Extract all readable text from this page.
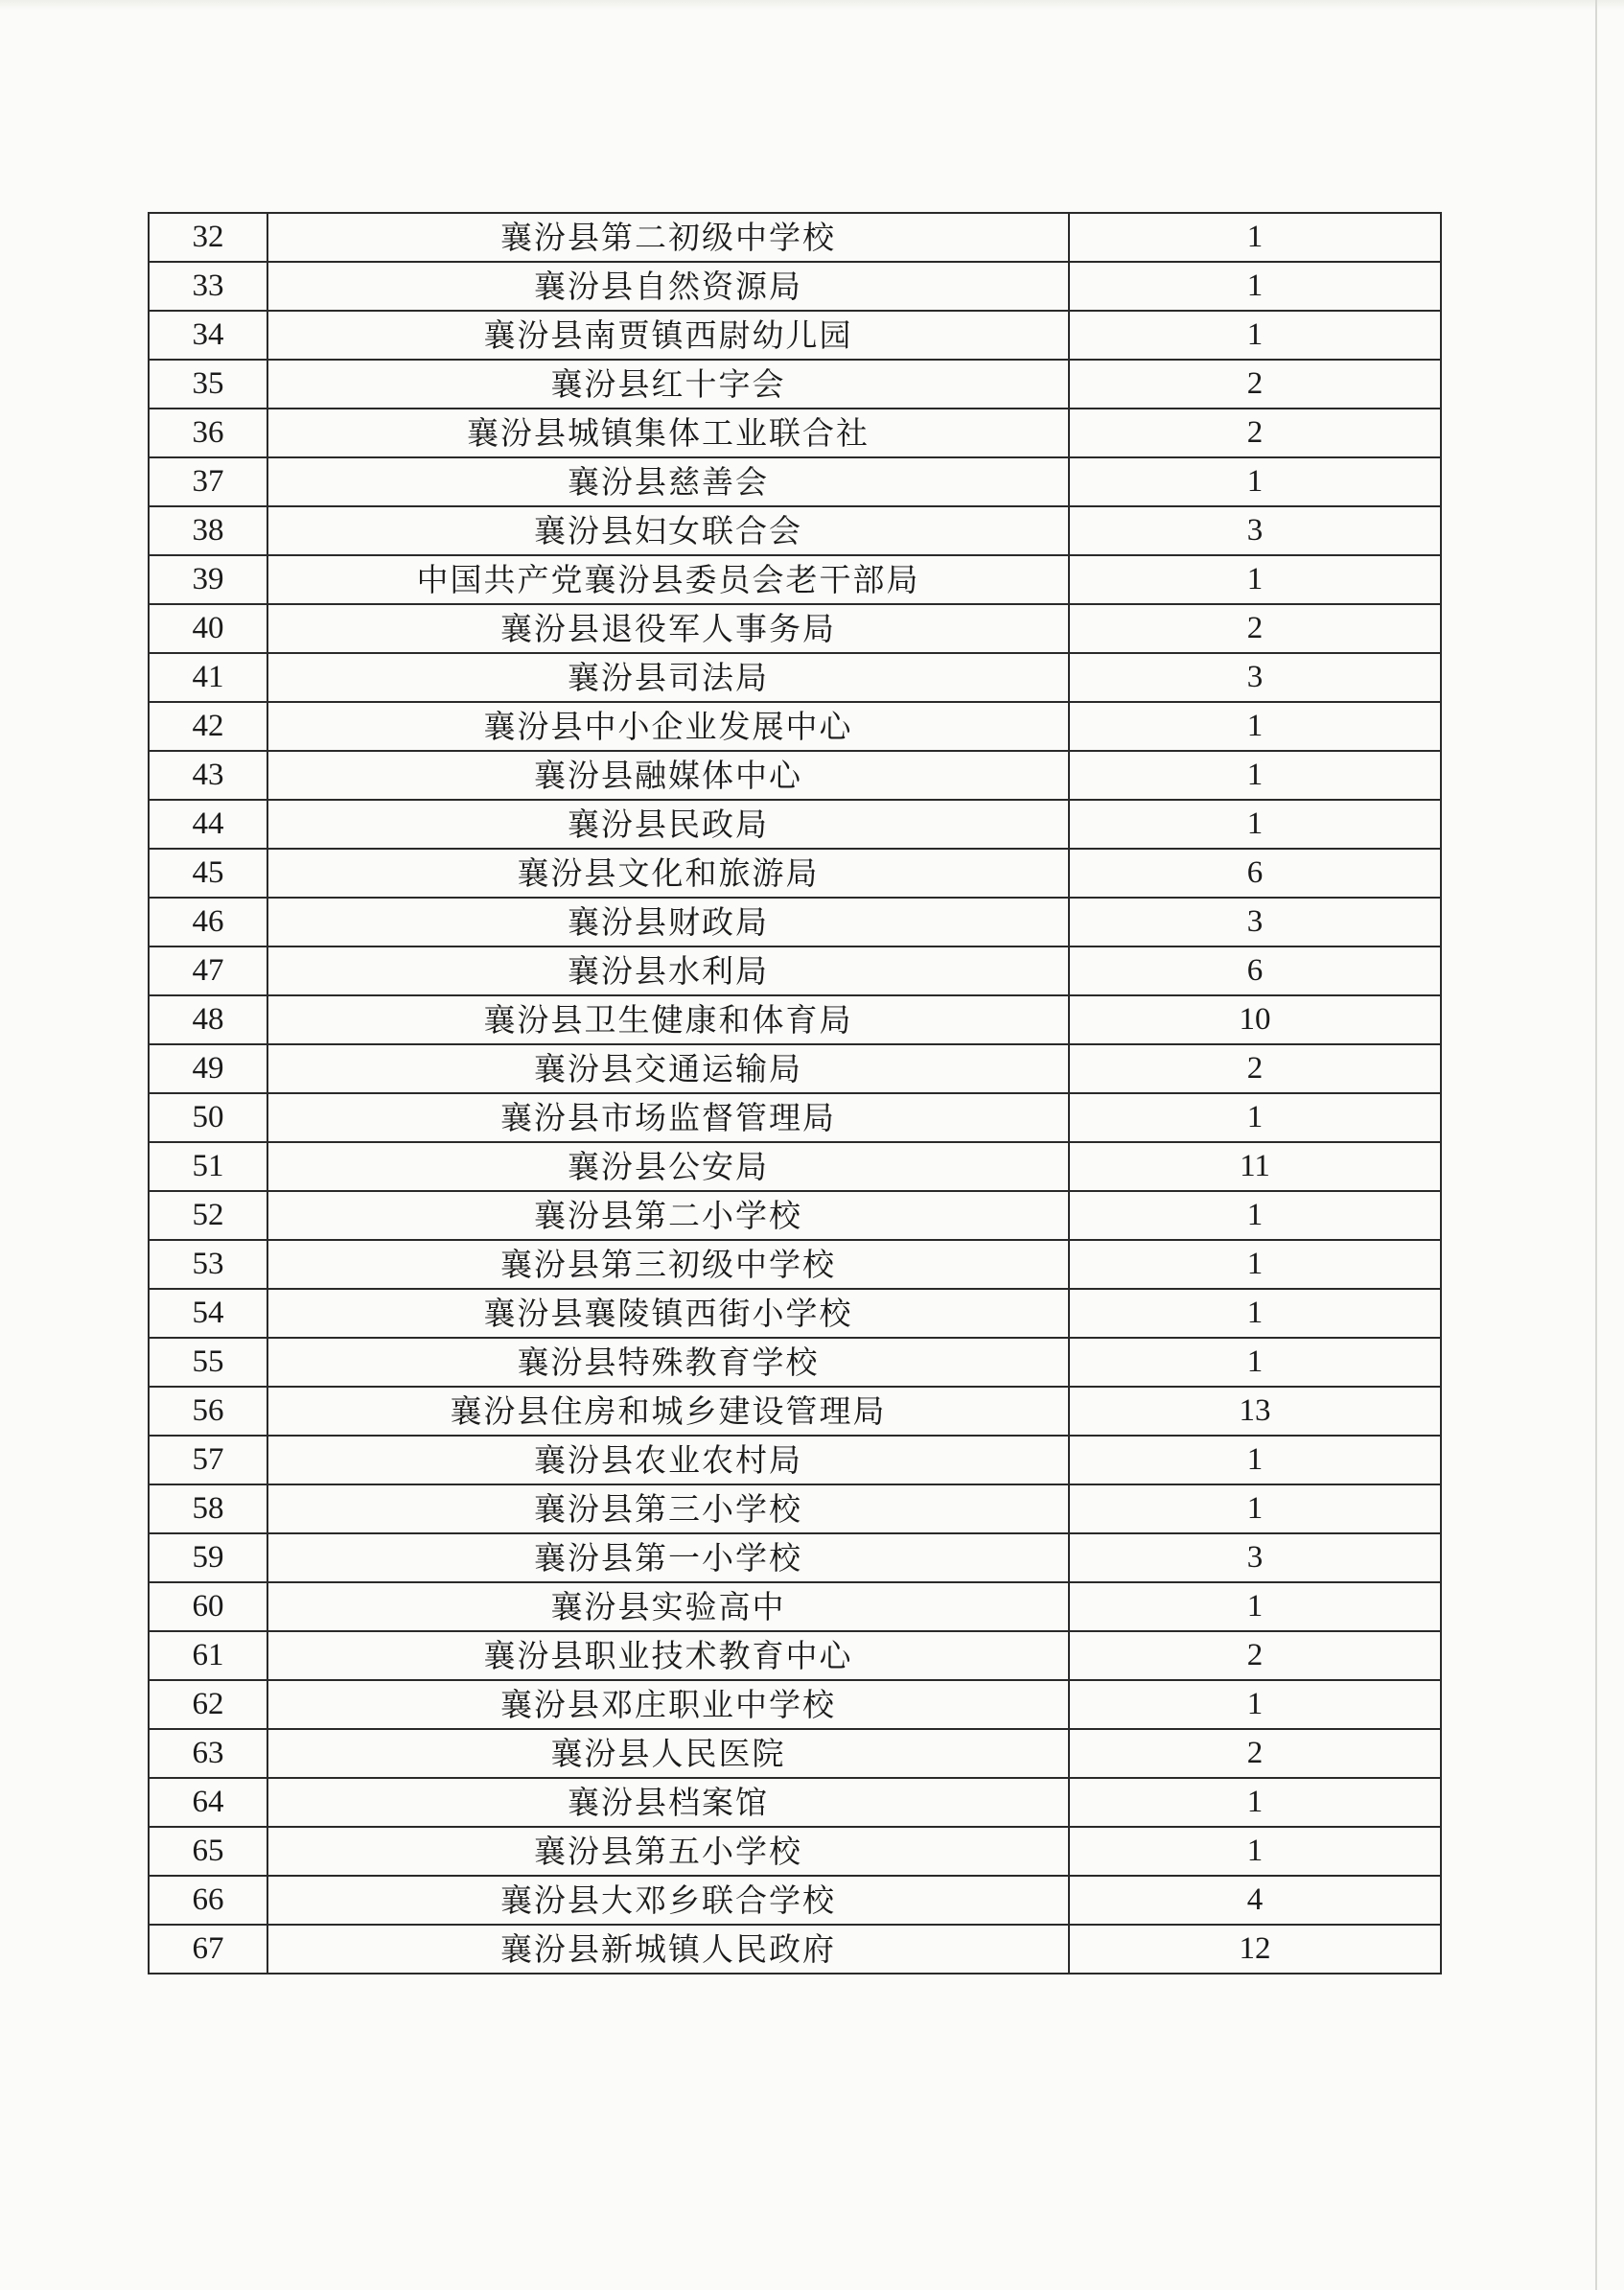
32	襄汾县第二初级中学校	1
33	襄汾县自然资源局	1
34	襄汾县南贾镇西尉幼儿园	1
35	襄汾县红十字会	2
36	襄汾县城镇集体工业联合社	2
37	襄汾县慈善会	1
38	襄汾县妇女联合会	3
39	中国共产党襄汾县委员会老干部局	1
40	襄汾县退役军人事务局	2
41	襄汾县司法局	3
42	襄汾县中小企业发展中心	1
43	襄汾县融媒体中心	1
44	襄汾县民政局	1
45	襄汾县文化和旅游局	6
46	襄汾县财政局	3
47	襄汾县水利局	6
48	襄汾县卫生健康和体育局	10
49	襄汾县交通运输局	2
50	襄汾县市场监督管理局	1
51	襄汾县公安局	11
52	襄汾县第二小学校	1
53	襄汾县第三初级中学校	1
54	襄汾县襄陵镇西街小学校	1
55	襄汾县特殊教育学校	1
56	襄汾县住房和城乡建设管理局	13
57	襄汾县农业农村局	1
58	襄汾县第三小学校	1
59	襄汾县第一小学校	3
60	襄汾县实验高中	1
61	襄汾县职业技术教育中心	2
62	襄汾县邓庄职业中学校	1
63	襄汾县人民医院	2
64	襄汾县档案馆	1
65	襄汾县第五小学校	1
66	襄汾县大邓乡联合学校	4
67	襄汾县新城镇人民政府	12
